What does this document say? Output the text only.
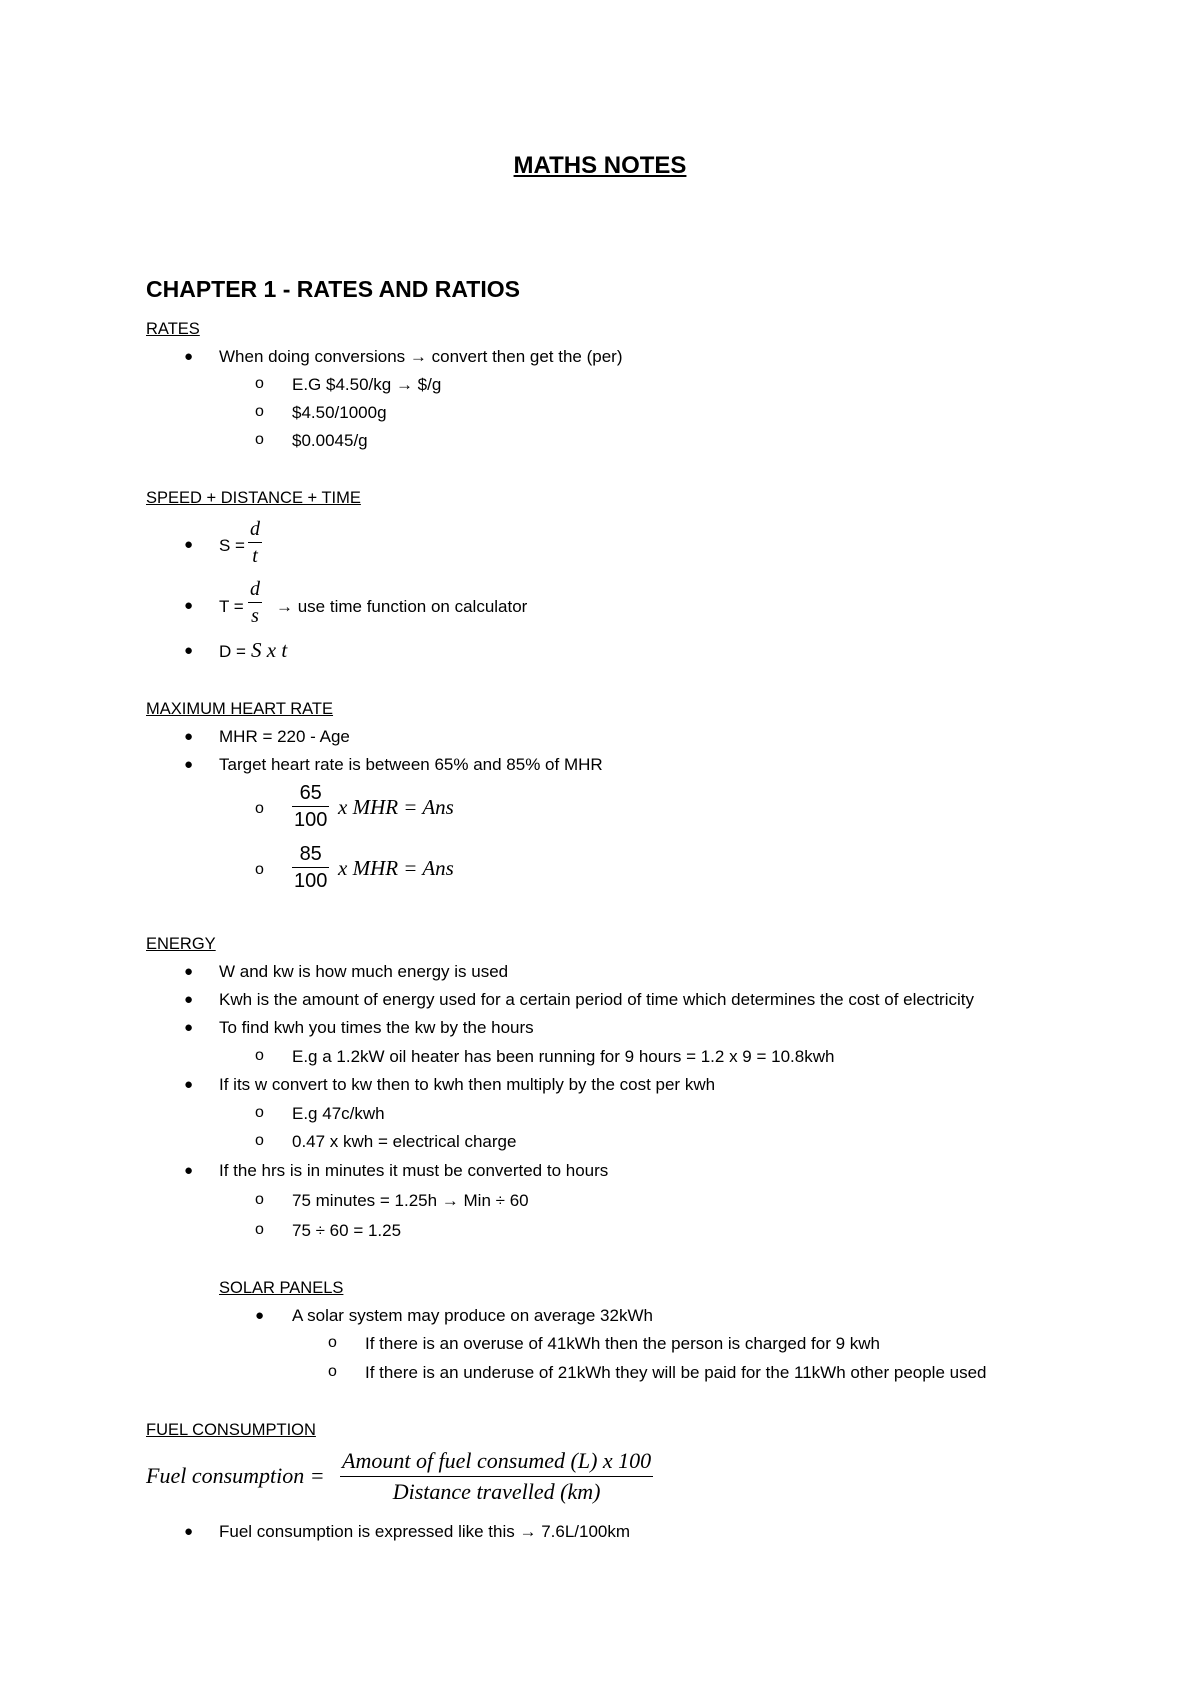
MATHS NOTES
CHAPTER 1 - RATES AND RATIOS
RATES
● When doing conversions → convert then get the (per)
o E.G $4.50/kg → $/g
o $4.50/1000g
o $0.0045/g
SPEED + DISTANCE + TIME
● $S = \frac{d}{t}$
● $T = \frac{d}{s}$ → use time function on calculator
● D = S x t
MAXIMUM HEART RATE
● MHR = 220 - Age
● Target heart rate is between 65% and 85% of MHR
o $\frac{65}{100}$ x MHR = Ans
o $\frac{85}{100}$ x MHR = Ans
ENERGY
● W and kw is how much energy is used
● Kwh is the amount of energy used for a certain period of time which determines the cost of electricity
● To find kwh you times the kw by the hours
o E.g a 1.2kW oil heater has been running for 9 hours = 1.2 x 9 = 10.8kwh
● If its w convert to kw then to kwh then multiply by the cost per kwh
o E.g 47c/kwh
o 0.47 x kwh = electrical charge
● If the hrs is in minutes it must be converted to hours
o 75 minutes = 1.25h → Min ÷ 60
o 75 ÷ 60 = 1.25
SOLAR PANELS
● A solar system may produce on average 32kWh
o If there is an overuse of 41kWh then the person is charged for 9 kwh
o If there is an underuse of 21kWh they will be paid for the 11kWh other people used
FUEL CONSUMPTION
Fuel consumption =
Amount of fuel consumed (L) x 100
Distance travelled (km)
● Fuel consumption is expressed like this → 7.6L/100km
